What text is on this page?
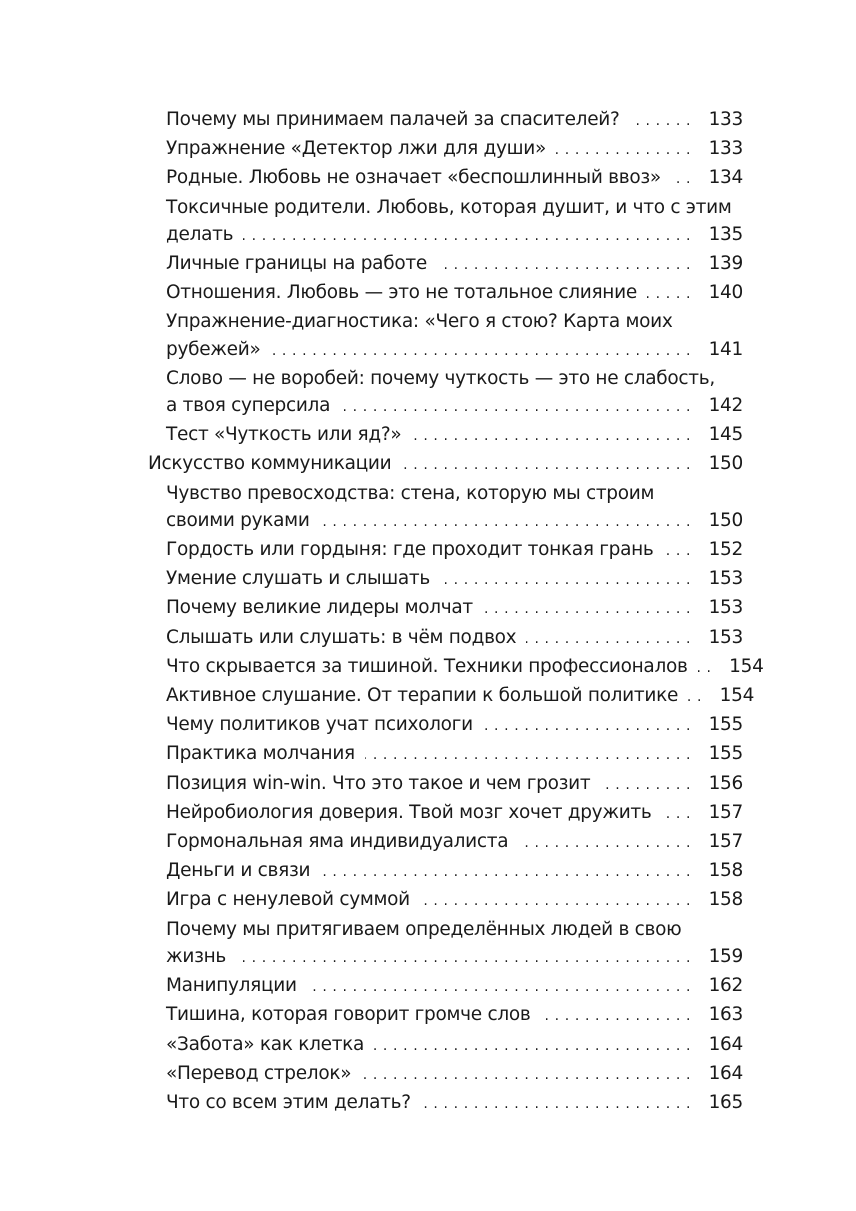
Почему мы принимаем палачей за спасителей? . . .	133
Упражнение «Детектор лжи для души» . . .	133
Родные. Любовь не означает «беспошлинный ввоз» . . .	134
Токсичные родители. Любовь, которая душит, и что с этим
делать . . .	135
Личные границы на работе . . .	139
Отношения. Любовь — это не тотальное слияние . . .	140
Упражнение-диагностика: «Чего я стою? Карта моих
рубежей» . . .	141
Слово — не воробей: почему чуткость — это не слабость,
а твоя суперсила . . .	142
Тест «Чуткость или яд?» . . .	145
Искусство коммуникации . . .	150
Чувство превосходства: стена, которую мы строим
своими руками . . .	150
Гордость или гордыня: где проходит тонкая грань . . .	152
Умение слушать и слышать . . .	153
Почему великие лидеры молчат . . .	153
Слышать или слушать: в чём подвох . . .	153
Что скрывается за тишиной. Техники профессионалов . . . 154
Активное слушание. От терапии к большой политике . . . 154
Чему политиков учат психологи . . .	155
Практика молчания . . .	155
Позиция win-win. Что это такое и чем грозит . . .	156
Нейробиология доверия. Твой мозг хочет дружить . . .	157
Гормональная яма индивидуалиста . . .	157
Деньги и связи . . .	158
Игра с ненулевой суммой . . .	158
Почему мы притягиваем определённых людей в свою
жизнь . . .	159
Манипуляции . . .	162
Тишина, которая говорит громче слов . . .	163
«Забота» как клетка . . .	164
«Перевод стрелок» . . .	164
Что со всем этим делать? . . .	165
